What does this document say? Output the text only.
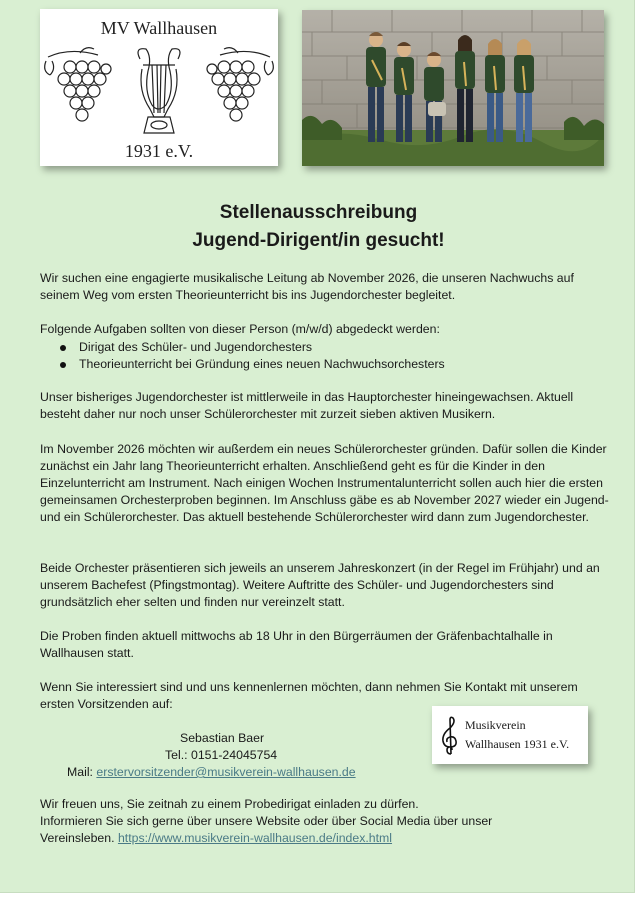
MV Wallhausen
1931 e.V.
Stellenausschreibung
Jugend-Dirigent/in gesucht!

Wir suchen eine engagierte musikalische Leitung ab November 2026, die unseren Nachwuchs auf seinem Weg vom ersten Theorieunterricht bis ins Jugendorchester begleitet.

Folgende Aufgaben sollten von dieser Person (m/w/d) abgedeckt werden:

Dirigat des Schüler- und Jugendorchesters
Theorieunterricht bei Gründung eines neuen Nachwuchsorchesters

Unser bisheriges Jugendorchester ist mittlerweile in das Hauptorchester hineingewachsen. Aktuell besteht daher nur noch unser Schülerorchester mit zurzeit sieben aktiven Musikern.

Im November 2026 möchten wir außerdem ein neues Schülerorchester gründen. Dafür sollen die Kinder zunächst ein Jahr lang Theorieunterricht erhalten. Anschließend geht es für die Kinder in den Einzelunterricht am Instrument. Nach einigen Wochen Instrumentalunterricht sollen auch hier die ersten gemeinsamen Orchesterproben beginnen. Im Anschluss gäbe es ab November 2027 wieder ein Jugend- und ein Schülerorchester. Das aktuell bestehende Schülerorchester wird dann zum Jugendorchester.

Beide Orchester präsentieren sich jeweils an unserem Jahreskonzert (in der Regel im Frühjahr) und an unserem Bachefest (Pfingstmontag). Weitere Auftritte des Schüler- und Jugendorchesters sind grundsätzlich eher selten und finden nur vereinzelt statt.

Die Proben finden aktuell mittwochs ab 18 Uhr in den Bürgerräumen der Gräfenbachtalhalle in Wallhausen statt.

Wenn Sie interessiert sind und uns kennenlernen möchten, dann nehmen Sie Kontakt mit unserem ersten Vorsitzenden auf:

Sebastian Baer
Tel.: 0151-24045754
Mail: erstervorsitzender@musikverein-wallhausen.de
Musikverein
Wallhausen 1931 e.V.

Wir freuen uns, Sie zeitnah zu einem Probedirigat einladen zu dürfen.

Informieren Sie sich gerne über unsere Website oder über Social Media über unser Vereinsleben. https://www.musikverein-wallhausen.de/index.html
